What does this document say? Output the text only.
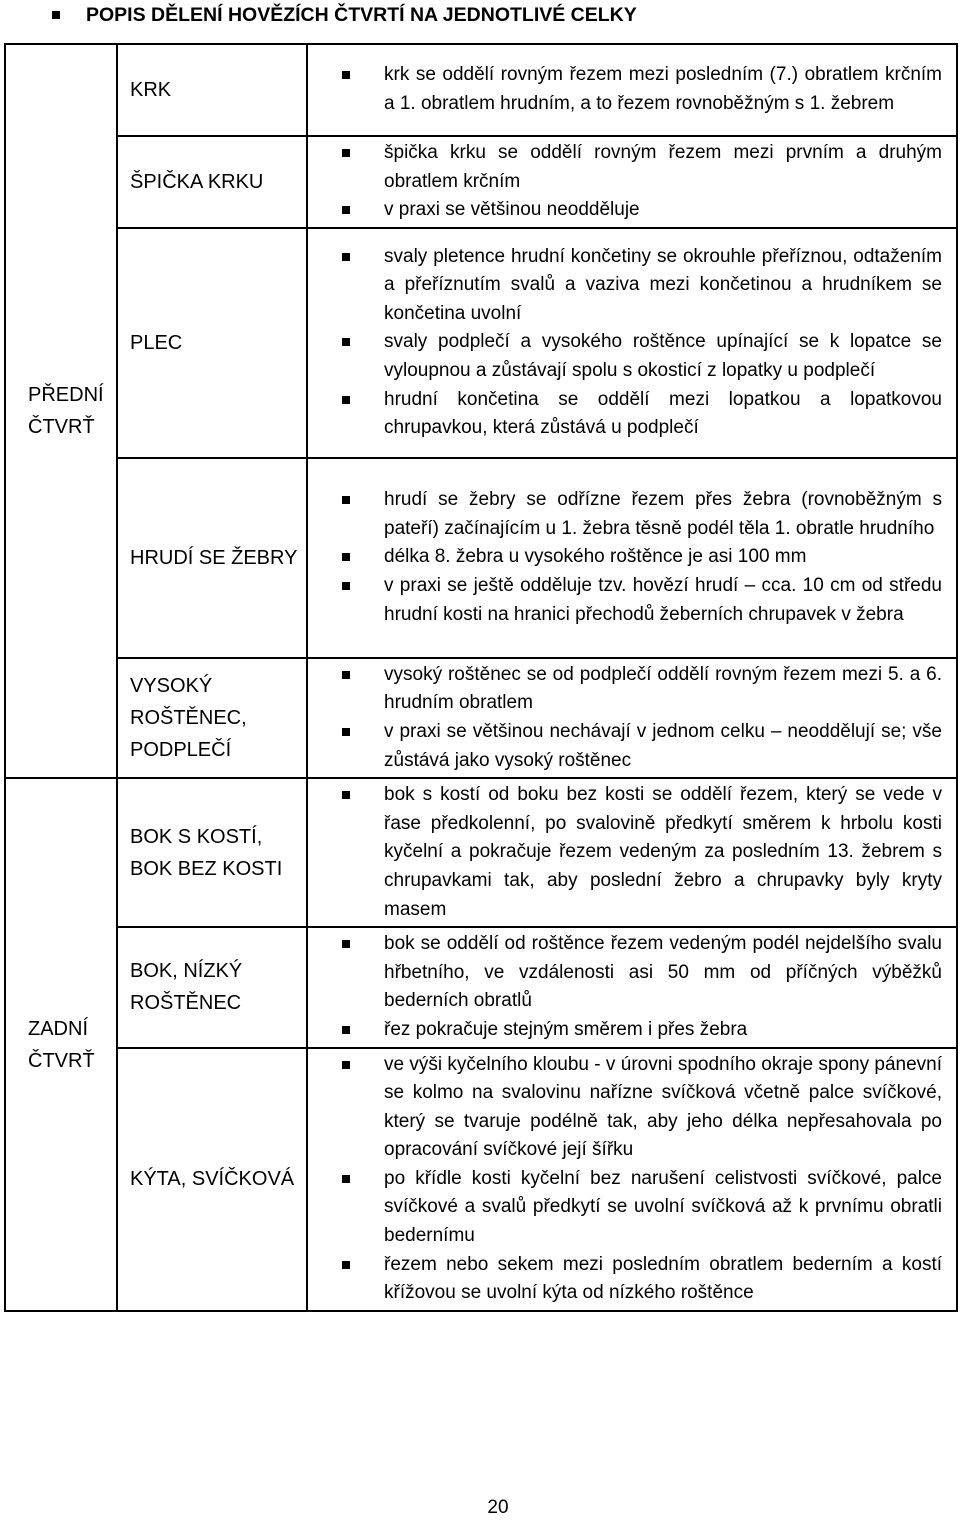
POPIS DĚLENÍ HOVĚZÍCH ČTVRTÍ NA JEDNOTLIVÉ CELKY
PŘEDNÍ ČTVRŤ	KRK	krk se oddělí rovným řezem mezi posledním (7.) obratlem krčním a 1. obratlem hrudním, a to řezem rovnoběžným s 1. žebrem

	ŠPIČKA KRKU	špička krku se oddělí rovným řezem mezi prvním a druhým obratlem krčním
v praxi se většinou neodděluje

	PLEC	svaly pletence hrudní končetiny se okrouhle přeříznou, odtažením a přeříznutím svalů a vaziva mezi končetinou a hrudníkem se končetina uvolní
svaly podplečí a vysokého roštěnce upínající se k lopatce se vyloupnou a zůstávají spolu s okosticí z lopatky u podplečí
hrudní končetina se oddělí mezi lopatkou a lopatkovou chrupavkou, která zůstává u podplečí

	HRUDÍ SE ŽEBRY	hrudí se žebry se odřízne řezem přes žebra (rovnoběžným s pateří) začínajícím u 1. žebra těsně podél těla 1. obratle hrudního
délka 8. žebra u vysokého roštěnce je asi 100 mm
v praxi se ještě odděluje tzv. hovězí hrudí – cca. 10 cm od středu hrudní kosti na hranici přechodů žeberních chrupavek v žebra

	VYSOKÝ ROŠTĚNEC, PODPLEČÍ	vysoký roštěnec se od podplečí oddělí rovným řezem mezi 5. a 6. hrudním obratlem
v praxi se většinou nechávají v jednom celku – neoddělují se; vše zůstává jako vysoký roštěnec

ZADNÍ ČTVRŤ	BOK S KOSTÍ, BOK BEZ KOSTI	bok s kostí od boku bez kosti se oddělí řezem, který se vede v řase předkolenní, po svalovině předkytí směrem k hrbolu kosti kyčelní a pokračuje řezem vedeným za posledním 13. žebrem s chrupavkami tak, aby poslední žebro a chrupavky byly kryty masem

	BOK, NÍZKÝ ROŠTĚNEC	bok se oddělí od roštěnce řezem vedeným podél nejdelšího svalu hřbetního, ve vzdálenosti asi 50 mm od příčných výběžků bederních obratlů
řez pokračuje stejným směrem i přes žebra

	KÝTA, SVÍČKOVÁ	ve výši kyčelního kloubu - v úrovni spodního okraje spony pánevní se kolmo na svalovinu nařízne svíčková včetně palce svíčkové, který se tvaruje podélně tak, aby jeho délka nepřesahovala po opracování svíčkové její šířku
po křídle kosti kyčelní bez narušení celistvosti svíčkové, palce svíčkové a svalů předkytí se uvolní svíčková až k prvnímu obratli bedernímu
řezem nebo sekem mezi posledním obratlem bederním a kostí křížovou se uvolní kýta od nízkého roštěnce
20
